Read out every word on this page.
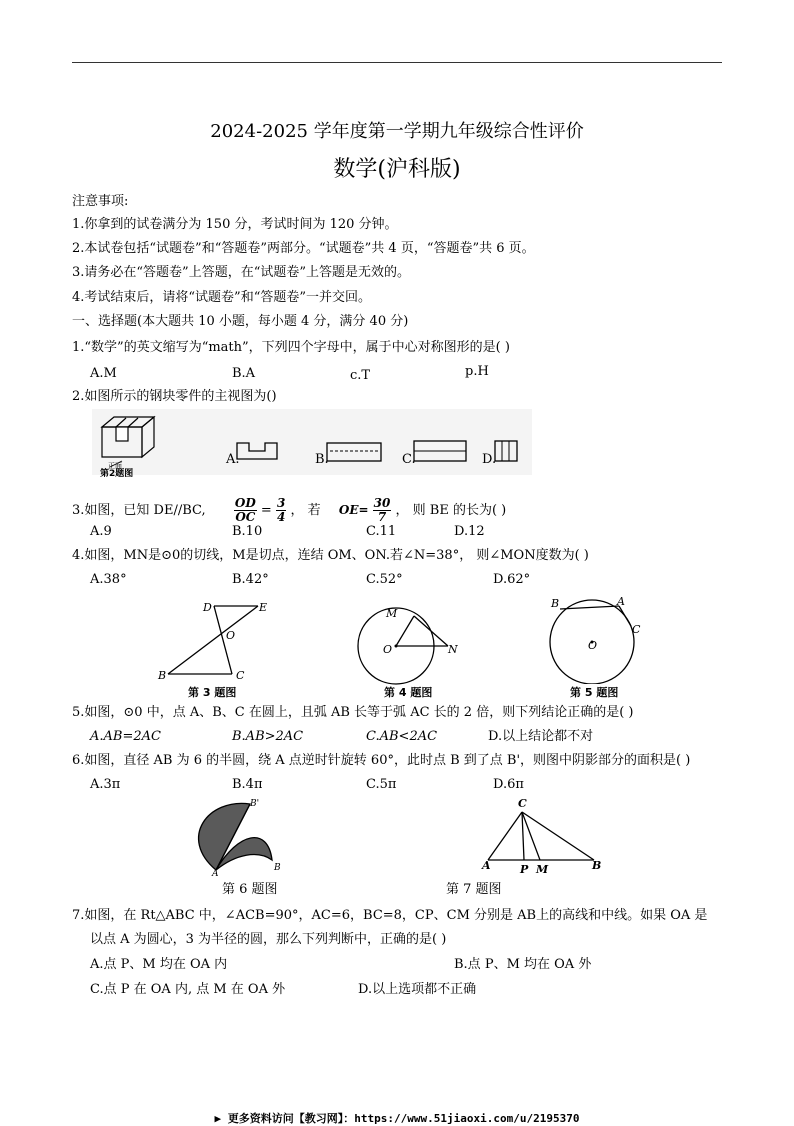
2024-2025 学年度第一学期九年级综合性评价
数学(沪科版)
注意事项:
1.你拿到的试卷满分为 150 分，考试时间为 120 分钟。
2.本试卷包括“试题卷”和“答题卷”两部分。“试题卷”共 4 页，“答题卷”共 6 页。
3.请务必在“答题卷”上答题，在“试题卷”上答题是无效的。
4.考试结束后，请将“试题卷”和“答题卷”一并交回。
一、选择题(本大题共 10 小题，每小题 4 分，满分 40 分)
1.“数学”的英文缩写为“math”，下列四个字母中，属于中心对称图形的是( )
A.M	B.A	c.T	p.H
2.如图所示的钢块零件的主视图为()
正面
第2题图
A.	B.	C.	D.
3.如图，已知 DE//BC, $\frac{OD}{OC} = \frac{3}{4}$ ， 若 $OE= \frac{30}{7}$ ， 则 BE 的长为( )
A.9	B.10	C.11	D.12
4.如图，MN是⊙0的切线，M是切点，连结 OM、ON.若∠N=38°， 则∠MON度数为( )
A.38°	B.42°	C.52°	D.62°
D	E
O
B	C
第 3 题图
M
O	N
第 4 题图
B	A
C
O
第 5 题图
5.如图，⊙0 中，点 A、B、C 在圆上，且弧 AB 长等于弧 AC 长的 2 倍，则下列结论正确的是( )
A.AB=2AC	B.AB>2AC	C.AB<2AC	D.以上结论都不对
6.如图，直径 AB 为 6 的半圆，绕 A 点逆时针旋转 60°，此时点 B 到了点 B'，则图中阴影部分的面积是( )
A.3π	B.4π	C.5π	D.6π
B'
A
B
第 6 题图
C
A	P M	B
第 7 题图
7.如图，在 Rt△ABC 中，∠ACB=90°，AC=6，BC=8，CP、CM 分别是 AB上的高线和中线。如果 OA 是
以点 A 为圆心，3 为半径的圆，那么下列判断中，正确的是( )
A.点 P、M 均在 OA 内	B.点 P、M 均在 OA 外
C.点 P 在 OA 内, 点 M 在 OA 外	D.以上选项都不正确
▶ 更多资料访问【教习网】：https://www.51jiaoxi.com/u/2195370
